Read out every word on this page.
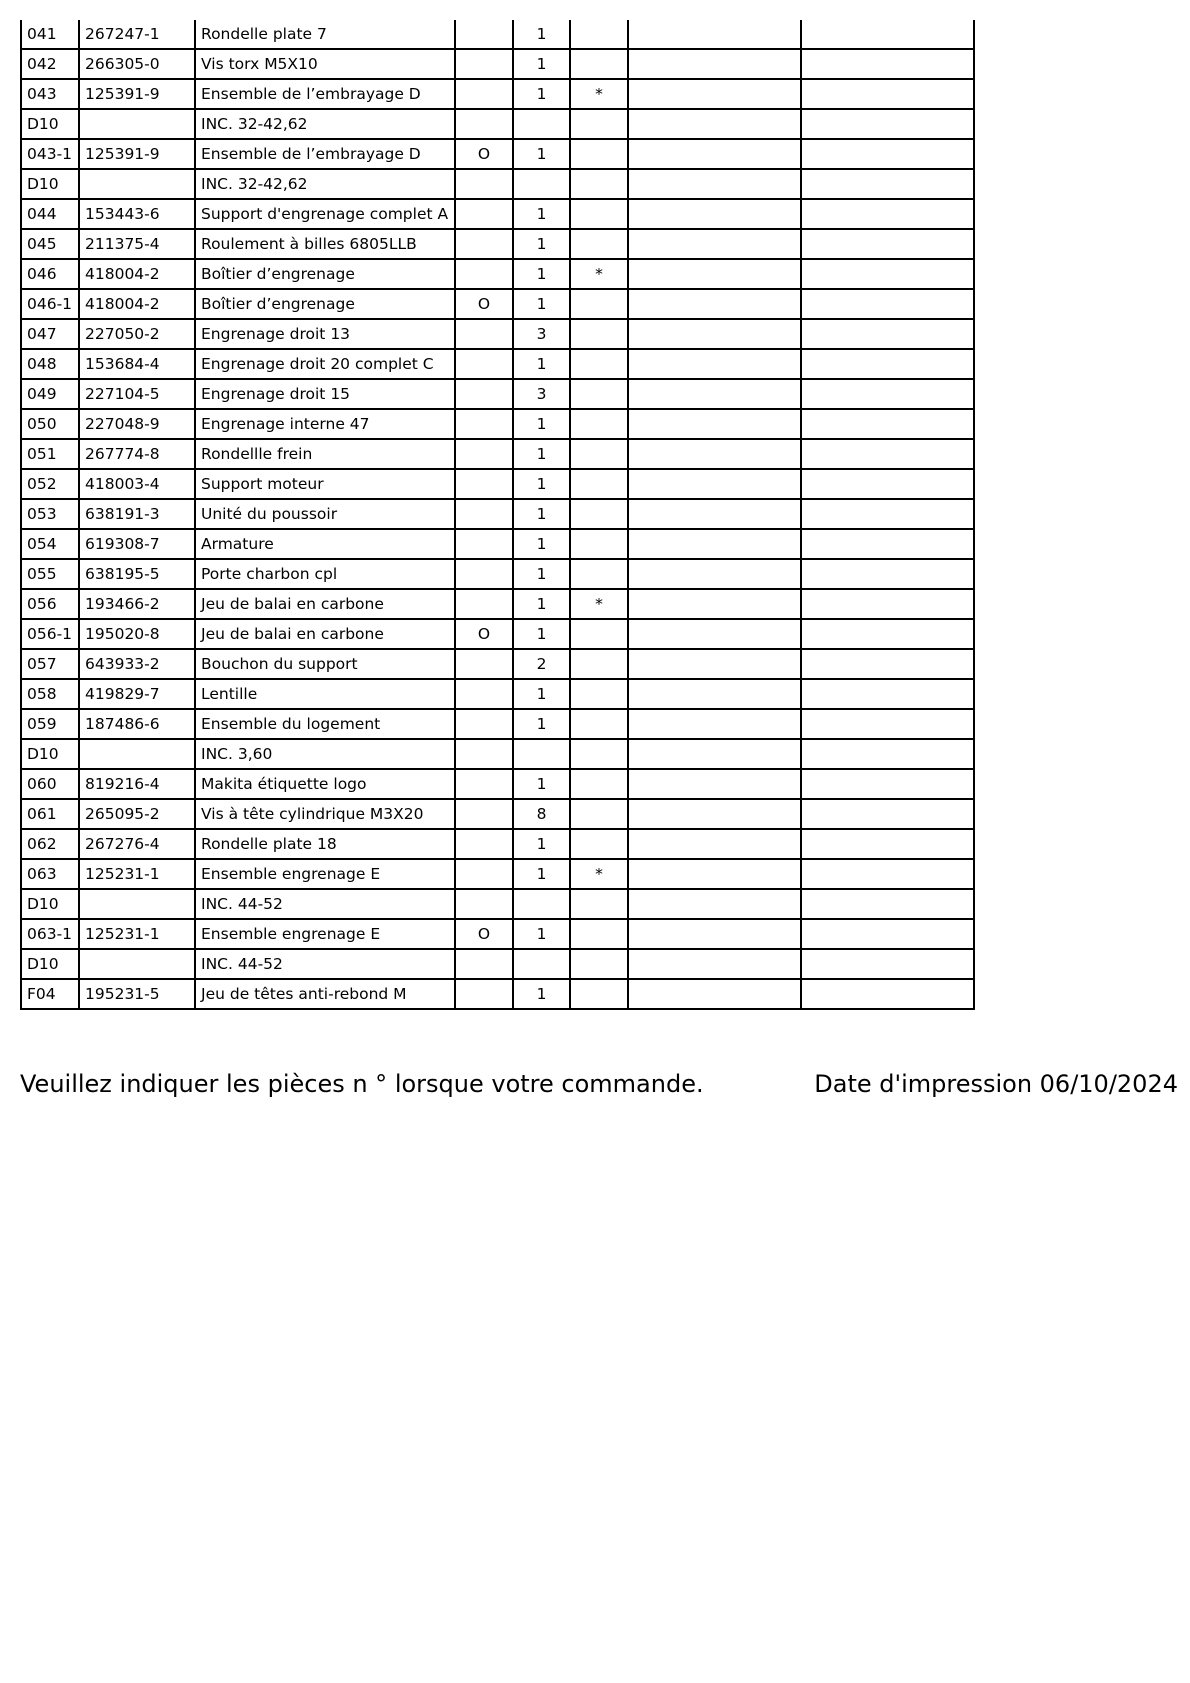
041	267247-1	Rondelle plate 7		1			
042	266305-0	Vis torx M5X10		1			
043	125391-9	Ensemble de l’embrayage D		1	*		
D10		INC. 32-42,62					
043-1	125391-9	Ensemble de l’embrayage D	O	1			
D10		INC. 32-42,62					
044	153443-6	Support d'engrenage complet A		1			
045	211375-4	Roulement à billes 6805LLB		1			
046	418004-2	Boîtier d’engrenage		1	*		
046-1	418004-2	Boîtier d’engrenage	O	1			
047	227050-2	Engrenage droit 13		3			
048	153684-4	Engrenage droit 20 complet C		1			
049	227104-5	Engrenage droit 15		3			
050	227048-9	Engrenage interne 47		1			
051	267774-8	Rondellle frein		1			
052	418003-4	Support moteur		1			
053	638191-3	Unité du poussoir		1			
054	619308-7	Armature		1			
055	638195-5	Porte charbon cpl		1			
056	193466-2	Jeu de balai en carbone		1	*		
056-1	195020-8	Jeu de balai en carbone	O	1			
057	643933-2	Bouchon du support		2			
058	419829-7	Lentille		1			
059	187486-6	Ensemble du logement		1			
D10		INC. 3,60					
060	819216-4	Makita étiquette logo		1			
061	265095-2	Vis à tête cylindrique M3X20		8			
062	267276-4	Rondelle plate 18		1			
063	125231-1	Ensemble engrenage E		1	*		
D10		INC. 44-52					
063-1	125231-1	Ensemble engrenage E	O	1			
D10		INC. 44-52					
F04	195231-5	Jeu de têtes anti-rebond M		1			
Veuillez indiquer les pièces n ° lorsque votre commande.	Date d'impression 06/10/2024
